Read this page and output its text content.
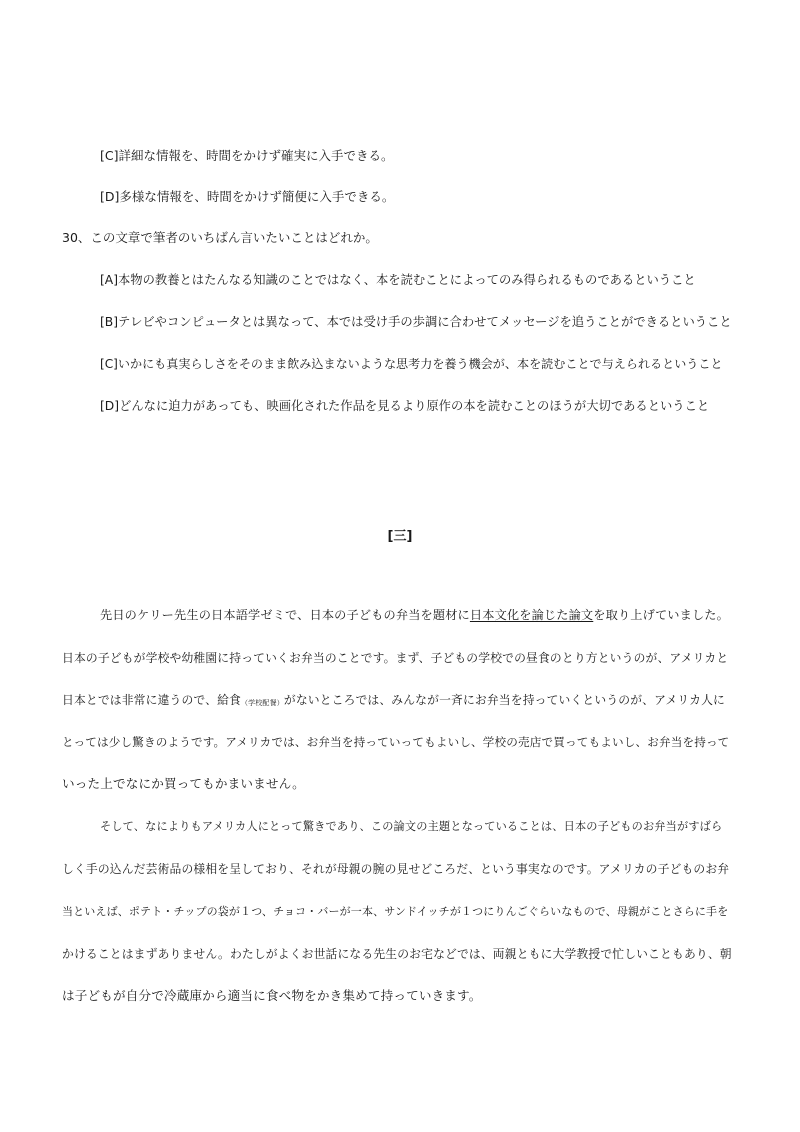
[C]詳細な情報を、時間をかけず確実に入手できる。
[D]多様な情報を、時間をかけず簡便に入手できる。
30、この文章で筆者のいちばん言いたいことはどれか。
[A]本物の教養とはたんなる知識のことではなく、本を読むことによってのみ得られるものであるということ
[B]テレビやコンピュータとは異なって、本では受け手の歩調に合わせてメッセージを追うことができるということ
[C]いかにも真実らしさをそのまま飲み込まないような思考力を養う機会が、本を読むことで与えられるということ
[D]どんなに迫力があっても、映画化された作品を見るより原作の本を読むことのほうが大切であるということ
[三]
先日のケリー先生の日本語学ゼミで、日本の子どもの弁当を題材に日本文化を論じた論文を取り上げていました。
日本の子どもが学校や幼稚園に持っていくお弁当のことです。まず、子どもの学校での昼食のとり方というのが、アメリカと
日本とでは非常に違うので、給食（学校配餐）がないところでは、みんなが一斉にお弁当を持っていくというのが、アメリカ人に
とっては少し驚きのようです。アメリカでは、お弁当を持っていってもよいし、学校の売店で買ってもよいし、お弁当を持って
いった上でなにか買ってもかまいません。
そして、なによりもアメリカ人にとって驚きであり、この論文の主題となっていることは、日本の子どものお弁当がすばら
しく手の込んだ芸術品の様相を呈しており、それが母親の腕の見せどころだ、という事実なのです。アメリカの子どものお弁
当といえば、ポテト・チップの袋が１つ、チョコ・バーが一本、サンドイッチが１つにりんごぐらいなもので、母親がことさらに手を
かけることはまずありません。わたしがよくお世話になる先生のお宅などでは、両親ともに大学教授で忙しいこともあり、朝
は子どもが自分で冷蔵庫から適当に食べ物をかき集めて持っていきます。
